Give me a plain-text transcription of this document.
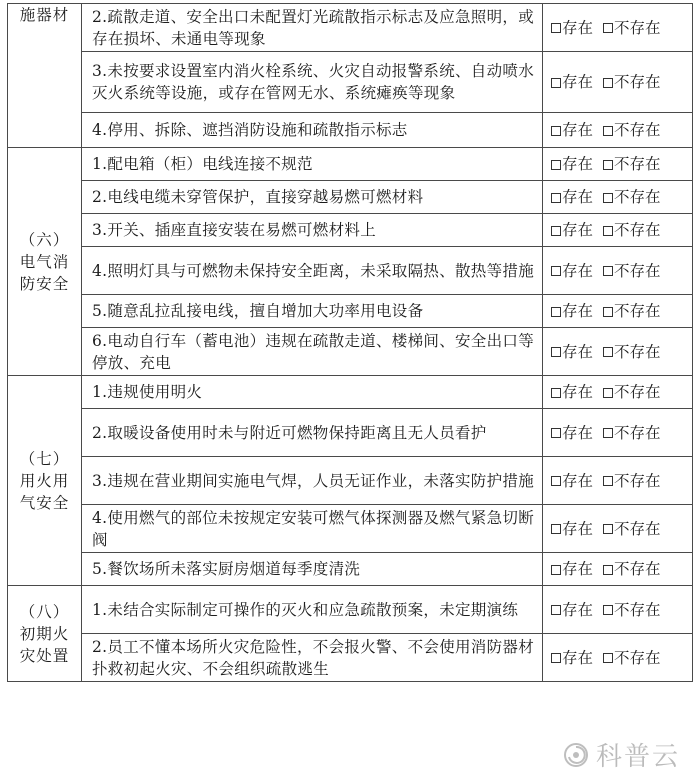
施器材	2.疏散走道、安全出口未配置灯光疏散指示标志及应急照明，或存在损坏、未通电等现象	存在 不存在
	3.未按要求设置室内消火栓系统、火灾自动报警系统、自动喷水灭火系统等设施，或存在管网无水、系统瘫痪等现象	存在 不存在
	4.停用、拆除、遮挡消防设施和疏散指示标志	存在 不存在

（六）
电气消
防安全	1.配电箱（柜）电线连接不规范	存在 不存在
	2.电线电缆未穿管保护，直接穿越易燃可燃材料	存在 不存在
	3.开关、插座直接安装在易燃可燃材料上	存在 不存在
	4.照明灯具与可燃物未保持安全距离，未采取隔热、散热等措施	存在 不存在
	5.随意乱拉乱接电线，擅自增加大功率用电设备	存在 不存在
	6.电动自行车（蓄电池）违规在疏散走道、楼梯间、安全出口等停放、充电	存在 不存在

（七）
用火用
气安全	1.违规使用明火	存在 不存在
	2.取暖设备使用时未与附近可燃物保持距离且无人员看护	存在 不存在
	3.违规在营业期间实施电气焊，人员无证作业，未落实防护措施	存在 不存在
	4.使用燃气的部位未按规定安装可燃气体探测器及燃气紧急切断阀	存在 不存在
	5.餐饮场所未落实厨房烟道每季度清洗	存在 不存在

（八）
初期火
灾处置	1.未结合实际制定可操作的灭火和应急疏散预案，未定期演练	存在 不存在
	2.员工不懂本场所火灾危险性，不会报火警、不会使用消防器材扑救初起火灾、不会组织疏散逃生	存在 不存在
科普云
